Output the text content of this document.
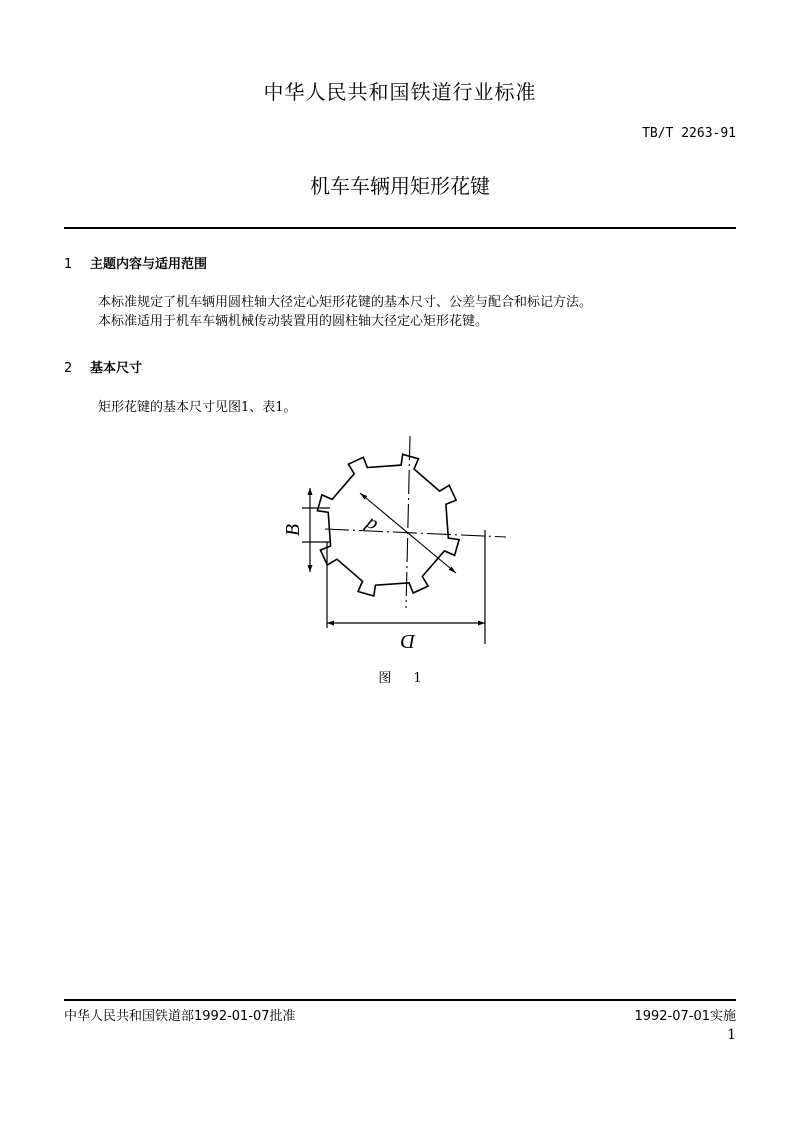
中华人民共和国铁道行业标准
TB/T 2263-91
机车车辆用矩形花键
1 主题内容与适用范围
本标准规定了机车辆用圆柱轴大径定心矩形花键的基本尺寸、公差与配合和标记方法。
本标准适用于机车车辆机械传动装置用的圆柱轴大径定心矩形花键。
2 基本尺寸
矩形花键的基本尺寸见图1、表1。
B	d
D
图 1
中华人民共和国铁道部1992-01-07批准	1992-07-01实施
1
